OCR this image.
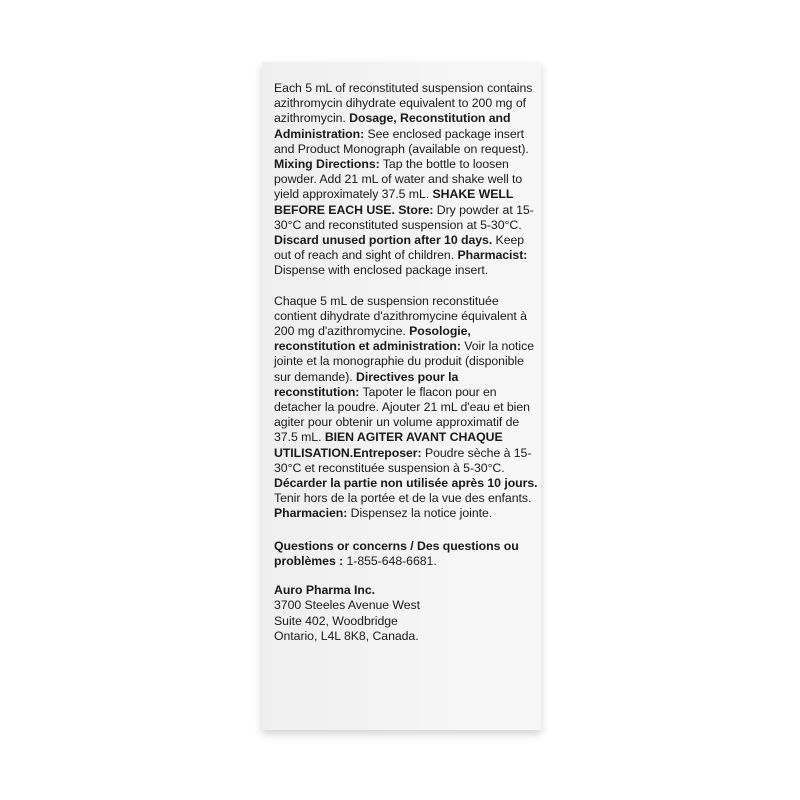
Each 5 mL of reconstituted suspension contains azithromycin dihydrate equivalent to 200 mg of azithromycin. Dosage, Reconstitution and Administration: See enclosed package insert and Product Monograph (available on request). Mixing Directions: Tap the bottle to loosen powder. Add 21 mL of water and shake well to yield approximately 37.5 mL. SHAKE WELL BEFORE EACH USE. Store: Dry powder at 15-30°C and reconstituted suspension at 5-30°C. Discard unused portion after 10 days. Keep out of reach and sight of children. Pharmacist: Dispense with enclosed package insert.

Chaque 5 mL de suspension reconstituée contient dihydrate d'azithromycine équivalent à 200 mg d'azithromycine. Posologie, reconstitution et administration: Voir la notice jointe et la monographie du produit (disponible sur demande). Directives pour la reconstitution: Tapoter le flacon pour en detacher la poudre. Ajouter 21 mL d'eau et bien agiter pour obtenir un volume approximatif de 37.5 mL. BIEN AGITER AVANT CHAQUE UTILISATION.Entreposer: Poudre sèche à 15-30°C et reconstituée suspension à 5-30°C. Décarder la partie non utilisée après 10 jours. Tenir hors de la portée et de la vue des enfants. Pharmacien: Dispensez la notice jointe.

Questions or concerns / Des questions ou problèmes : 1-855-648-6681.

Auro Pharma Inc.
3700 Steeles Avenue West
Suite 402, Woodbridge
Ontario, L4L 8K8, Canada.
